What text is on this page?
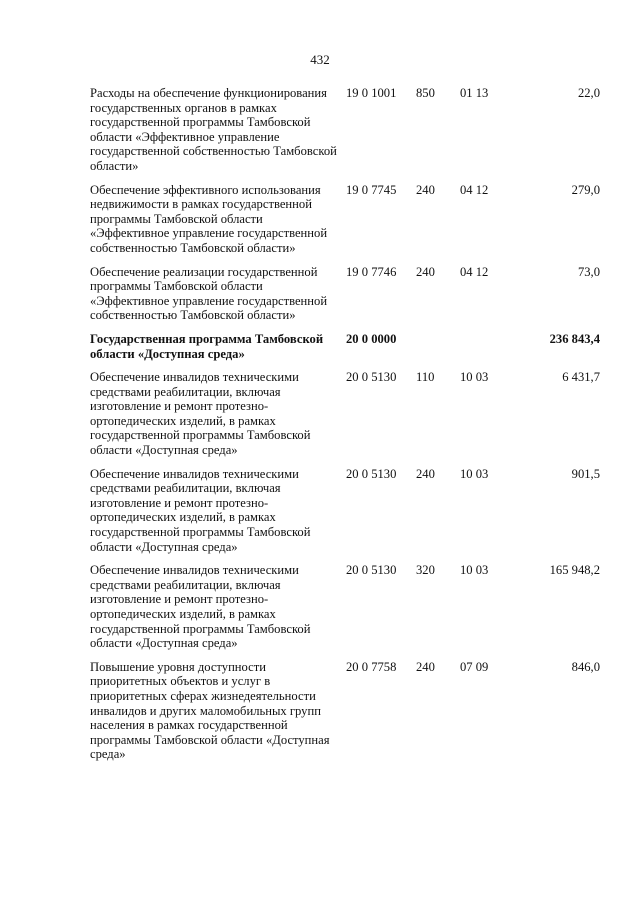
432
Расходы на обеспечение функционирования государственных органов в рамках государственной программы Тамбовской области «Эффективное управление государственной собственностью Тамбовской области»	19 0 1001	850	01 13	22,0
Обеспечение эффективного использования недвижимости в рамках государственной программы Тамбовской области «Эффективное управление государственной собственностью Тамбовской области»	19 0 7745	240	04 12	279,0
Обеспечение реализации государственной программы Тамбовской области «Эффективное управление государственной собственностью Тамбовской области»	19 0 7746	240	04 12	73,0
Государственная программа Тамбовской области «Доступная среда»	20 0 0000			236 843,4
Обеспечение инвалидов техническими средствами реабилитации, включая изготовление и ремонт протезно-ортопедических изделий, в рамках государственной программы Тамбовской области «Доступная среда»	20 0 5130	110	10 03	6 431,7
Обеспечение инвалидов техническими средствами реабилитации, включая изготовление и ремонт протезно-ортопедических изделий, в рамках государственной программы Тамбовской области «Доступная среда»	20 0 5130	240	10 03	901,5
Обеспечение инвалидов техническими средствами реабилитации, включая изготовление и ремонт протезно-ортопедических изделий, в рамках государственной программы Тамбовской области «Доступная среда»	20 0 5130	320	10 03	165 948,2
Повышение уровня доступности приоритетных объектов и услуг в приоритетных сферах жизнедеятельности инвалидов и других маломобильных групп населения в рамках государственной программы Тамбовской области «Доступная среда»	20 0 7758	240	07 09	846,0
